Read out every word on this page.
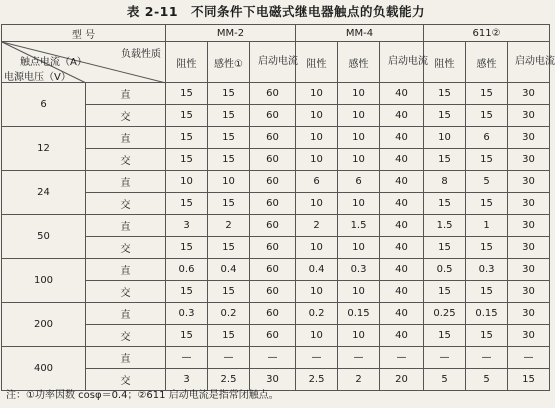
表 2-11　不同条件下电磁式继电器触点的负载能力
型 号		MM-2			MM-4			611②		

负载性质
触点电流（A）
电源电压（V）		阻性	感性①	启动电流	阻性	感性	启动电流	阻性	感性	启动电流
6	直	15	15	60	10	10	40	15	15	30
	交	15	15	60	10	10	40	15	15	30
12	直	15	15	60	10	10	40	10	6	30
	交	15	15	60	10	10	40	15	15	30
24	直	10	10	60	6	6	40	8	5	30
	交	15	15	60	10	10	40	15	15	30
50	直	3	2	60	2	1.5	40	1.5	1	30
	交	15	15	60	10	10	40	15	15	30
100	直	0.6	0.4	60	0.4	0.3	40	0.5	0.3	30
	交	15	15	60	10	10	40	15	15	30
200	直	0.3	0.2	60	0.2	0.15	40	0.25	0.15	30
	交	15	15	60	10	10	40	15	15	30
400	直	—	—	—	—	—	—	—	—	—
	交	3	2.5	30	2.5	2	20	5	5	15
注：①功率因数 cosφ＝0.4；②611 启动电流是指常闭触点。
